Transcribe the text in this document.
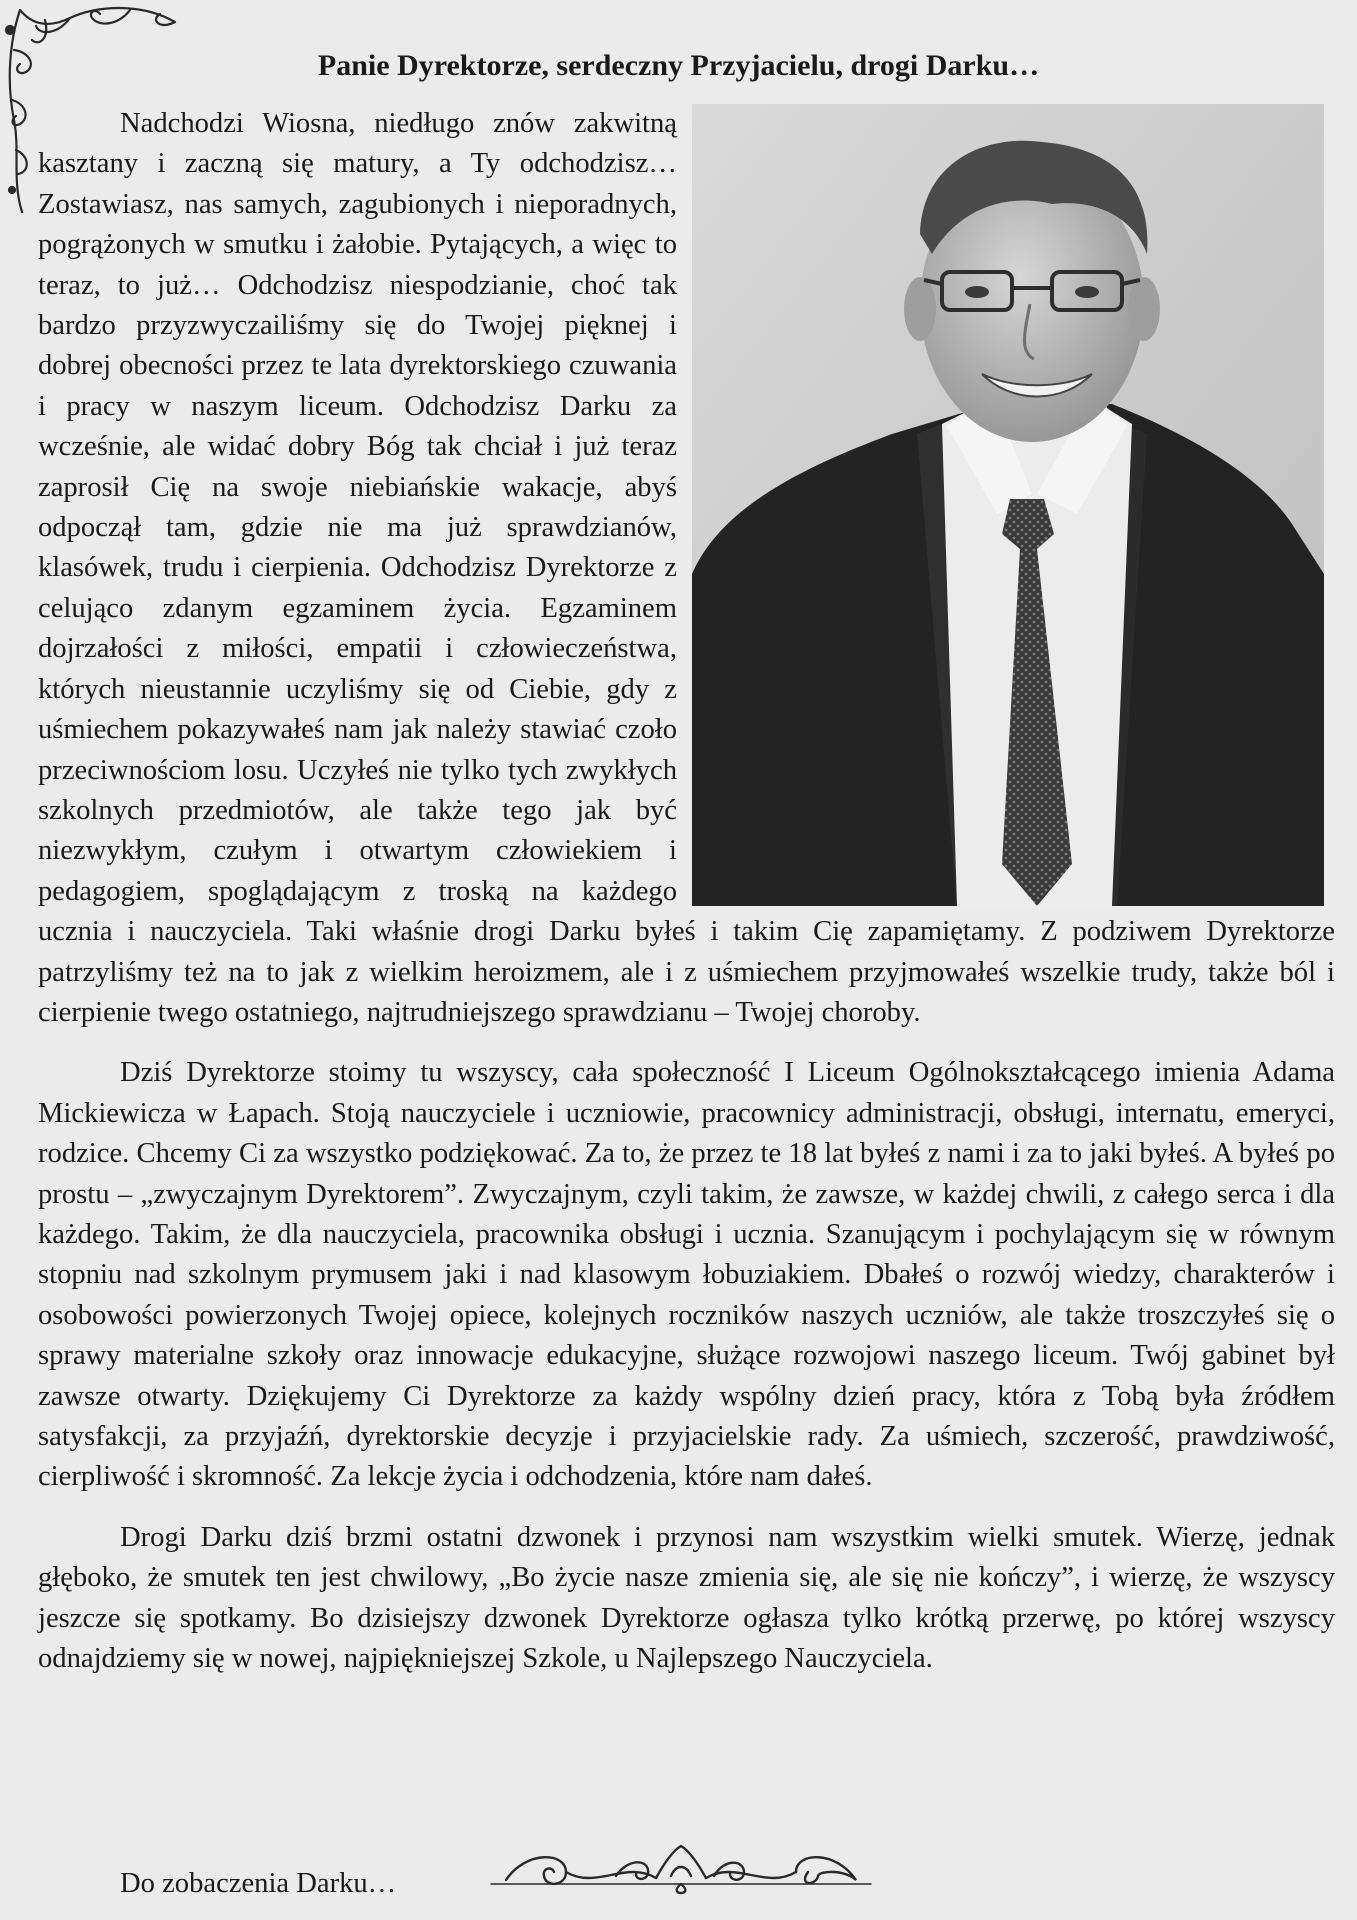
Panie Dyrektorze, serdeczny Przyjacielu, drogi Darku…

Nadchodzi Wiosna, niedługo znów zakwitną kasztany i zaczną się matury, a Ty odchodzisz… Zostawiasz, nas samych, zagubionych i nieporadnych, pogrążonych w smutku i żałobie. Pytających, a więc to teraz, to już… Odchodzisz niespodzianie, choć tak bardzo przyzwyczailiśmy się do Twojej pięknej i dobrej obecności przez te lata dyrektorskiego czuwania i pracy w naszym liceum. Odchodzisz Darku za wcześnie, ale widać dobry Bóg tak chciał i już teraz zaprosił Cię na swoje niebiańskie wakacje, abyś odpoczął tam, gdzie nie ma już sprawdzianów, klasówek, trudu i cierpienia. Odchodzisz Dyrektorze z celująco zdanym egzaminem życia. Egzaminem dojrzałości z miłości, empatii i człowieczeństwa, których nieustannie uczyliśmy się od Ciebie, gdy z uśmiechem pokazywałeś nam jak należy stawiać czoło przeciwnościom losu. Uczyłeś nie tylko tych zwykłych szkolnych przedmiotów, ale także tego jak być niezwykłym, czułym i otwartym człowiekiem i pedagogiem, spoglądającym z troską na każdego ucznia i nauczyciela. Taki właśnie drogi Darku byłeś i takim Cię zapamiętamy. Z podziwem Dyrektorze patrzyliśmy też na to jak z wielkim heroizmem, ale i z uśmiechem przyjmowałeś wszelkie trudy, także ból i cierpienie twego ostatniego, najtrudniejszego sprawdzianu – Twojej choroby.

Dziś Dyrektorze stoimy tu wszyscy, cała społeczność I Liceum Ogólnokształcącego imienia Adama Mickiewicza w Łapach. Stoją nauczyciele i uczniowie, pracownicy administracji, obsługi, internatu, emeryci, rodzice. Chcemy Ci za wszystko podziękować. Za to, że przez te 18 lat byłeś z nami i za to jaki byłeś. A byłeś po prostu – „zwyczajnym Dyrektorem”. Zwyczajnym, czyli takim, że zawsze, w każdej chwili, z całego serca i dla każdego. Takim, że dla nauczyciela, pracownika obsługi i ucznia. Szanującym i pochylającym się w równym stopniu nad szkolnym prymusem jaki i nad klasowym łobuziakiem. Dbałeś o rozwój wiedzy, charakterów i osobowości powierzonych Twojej opiece, kolejnych roczników naszych uczniów, ale także troszczyłeś się o sprawy materialne szkoły oraz innowacje edukacyjne, służące rozwojowi naszego liceum. Twój gabinet był zawsze otwarty. Dziękujemy Ci Dyrektorze za każdy wspólny dzień pracy, która z Tobą była źródłem satysfakcji, za przyjaźń, dyrektorskie decyzje i przyjacielskie rady. Za uśmiech, szczerość, prawdziwość, cierpliwość i skromność. Za lekcje życia i odchodzenia, które nam dałeś.

Drogi Darku dziś brzmi ostatni dzwonek i przynosi nam wszystkim wielki smutek. Wierzę, jednak głęboko, że smutek ten jest chwilowy, „Bo życie nasze zmienia się, ale się nie kończy”, i wierzę, że wszyscy jeszcze się spotkamy. Bo dzisiejszy dzwonek Dyrektorze ogłasza tylko krótką przerwę, po której wszyscy odnajdziemy się w nowej, najpiękniejszej Szkole, u Najlepszego Nauczyciela.

Do zobaczenia Darku…
